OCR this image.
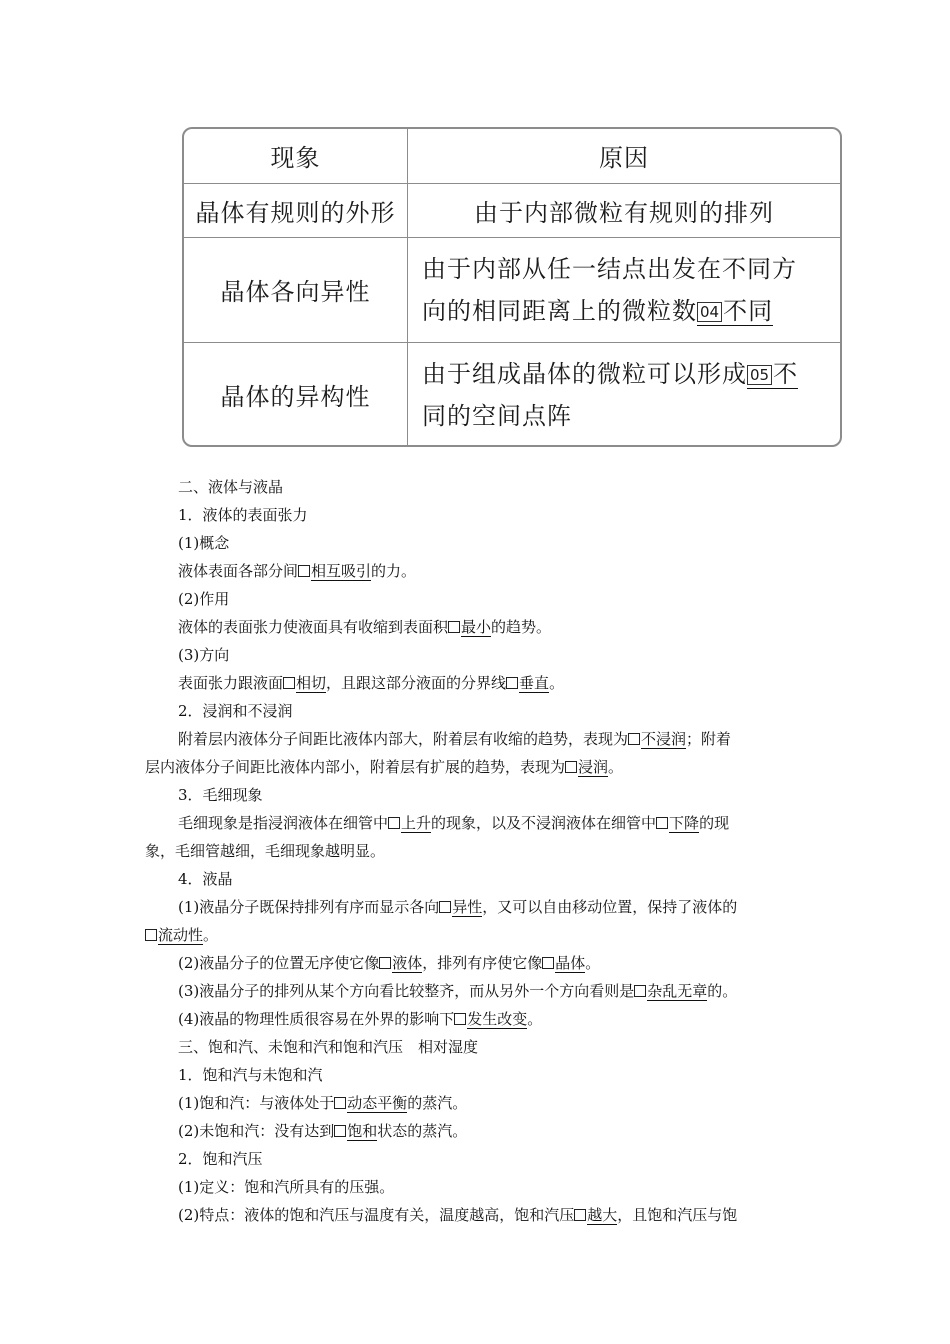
现象	原因
晶体有规则的外形	由于内部微粒有规则的排列
晶体各向异性	由于内部从任一结点出发在不同方
向的相同距离上的微粒数 04 不同

晶体的异构性	由于组成晶体的微粒可以形成 05 不
同的空间点阵
二、液体与液晶
1．液体的表面张力
(1)概念
液体表面各部分间 相互吸引的力。
(2)作用
液体的表面张力使液面具有收缩到表面积 最小的趋势。
(3)方向
表面张力跟液面 相切，且跟这部分液面的分界线 垂直。
2．浸润和不浸润
附着层内液体分子间距比液体内部大，附着层有收缩的趋势，表现为 不浸润；附着
层内液体分子间距比液体内部小，附着层有扩展的趋势，表现为 浸润。
3．毛细现象
毛细现象是指浸润液体在细管中 上升的现象，以及不浸润液体在细管中 下降的现
象，毛细管越细，毛细现象越明显。
4．液晶
(1)液晶分子既保持排列有序而显示各向 异性，又可以自由移动位置，保持了液体的
流动性。
(2)液晶分子的位置无序使它像 液体，排列有序使它像 晶体。
(3)液晶分子的排列从某个方向看比较整齐，而从另外一个方向看则是 杂乱无章的。
(4)液晶的物理性质很容易在外界的影响下 发生改变。
三、饱和汽、未饱和汽和饱和汽压　相对湿度
1．饱和汽与未饱和汽
(1)饱和汽：与液体处于 动态平衡的蒸汽。
(2)未饱和汽：没有达到 饱和状态的蒸汽。
2．饱和汽压
(1)定义：饱和汽所具有的压强。
(2)特点：液体的饱和汽压与温度有关，温度越高，饱和汽压 越大，且饱和汽压与饱
